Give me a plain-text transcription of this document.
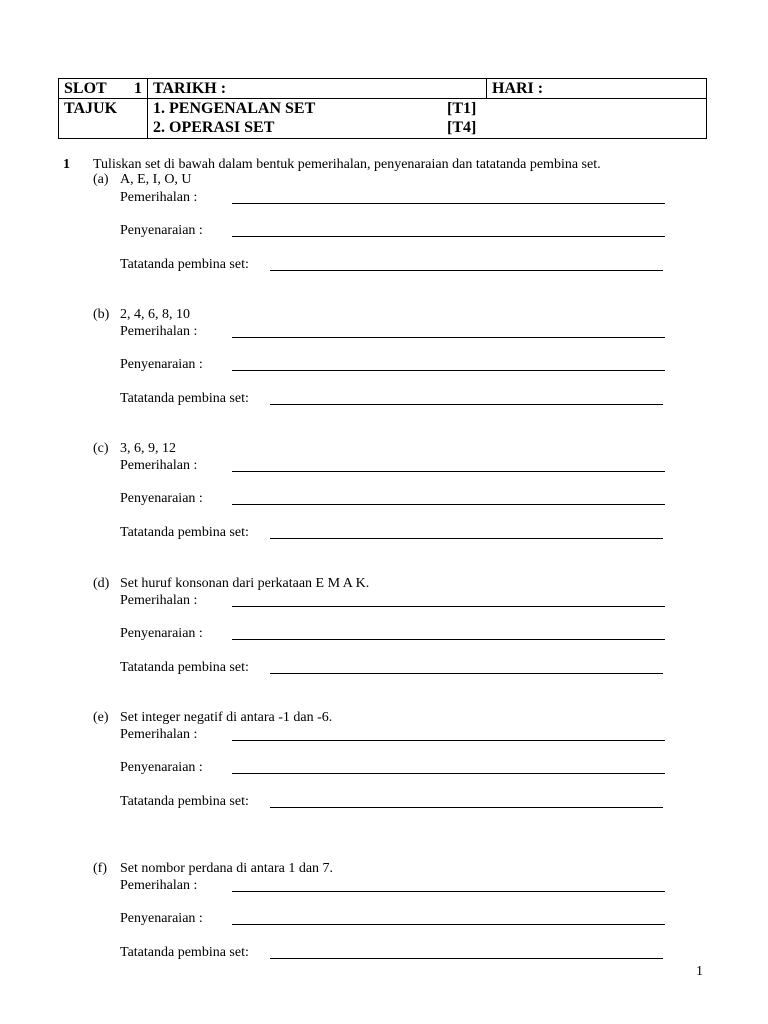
SLOT 1	TARIKH :	HARI :
TAJUK	1. PENGENALAN SET [T1]
2. OPERASI SET [T4]	
1 Tuliskan set di bawah dalam bentuk pemerihalan, penyenaraian dan tatatanda pembina set.
(a) A, E, I, O, U
Pemerihalan :
Penyenaraian :
Tatatanda pembina set:
(b) 2, 4, 6, 8, 10
Pemerihalan :
Penyenaraian :
Tatatanda pembina set:
(c) 3, 6, 9, 12
Pemerihalan :
Penyenaraian :
Tatatanda pembina set:
(d) Set huruf konsonan dari perkataan E M A K.
Pemerihalan :
Penyenaraian :
Tatatanda pembina set:
(e) Set integer negatif di antara -1 dan -6.
Pemerihalan :
Penyenaraian :
Tatatanda pembina set:
(f) Set nombor perdana di antara 1 dan 7.
Pemerihalan :
Penyenaraian :
Tatatanda pembina set:
1
